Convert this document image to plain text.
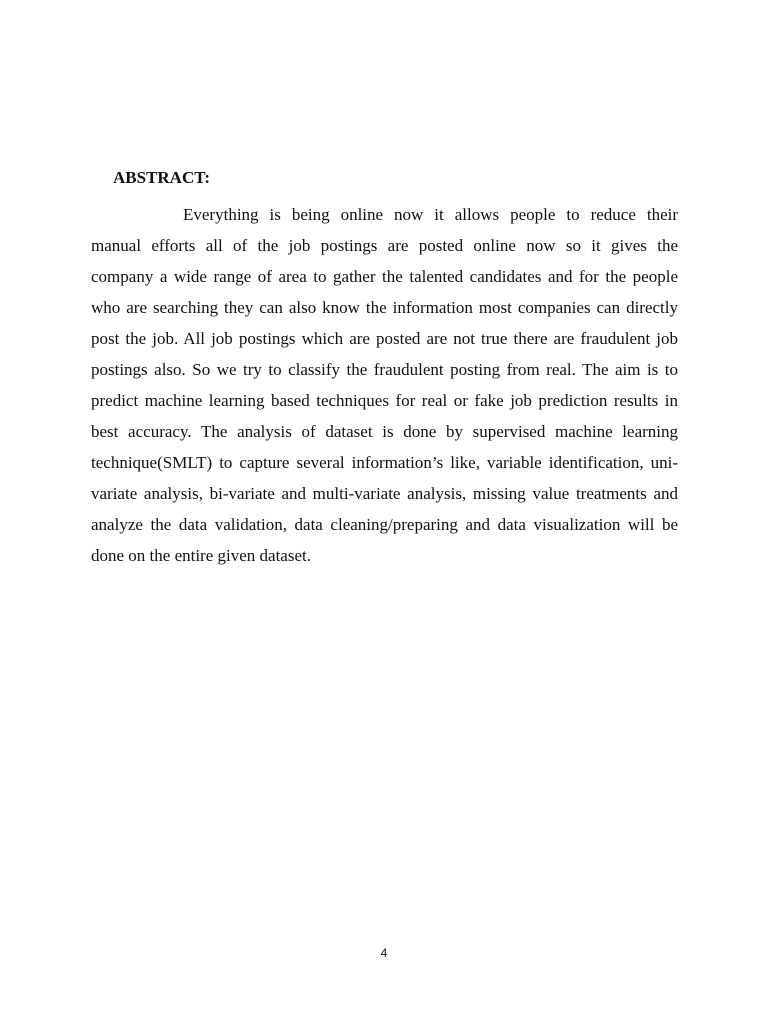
ABSTRACT:
Everything is being online now it allows people to reduce their
manual efforts all of the job postings are posted online now so it gives the
company a wide range of area to gather the talented candidates and for the people
who are searching they can also know the information most companies can directly
post the job. All job postings which are posted are not true there are fraudulent job
postings also. So we try to classify the fraudulent posting from real. The aim is to
predict machine learning based techniques for real or fake job prediction results in
best accuracy. The analysis of dataset is done by supervised machine learning
technique(SMLT) to capture several information’s like, variable identification, uni-
variate analysis, bi-variate and multi-variate analysis, missing value treatments and
analyze the data validation, data cleaning/preparing and data visualization will be
done on the entire given dataset.
4
